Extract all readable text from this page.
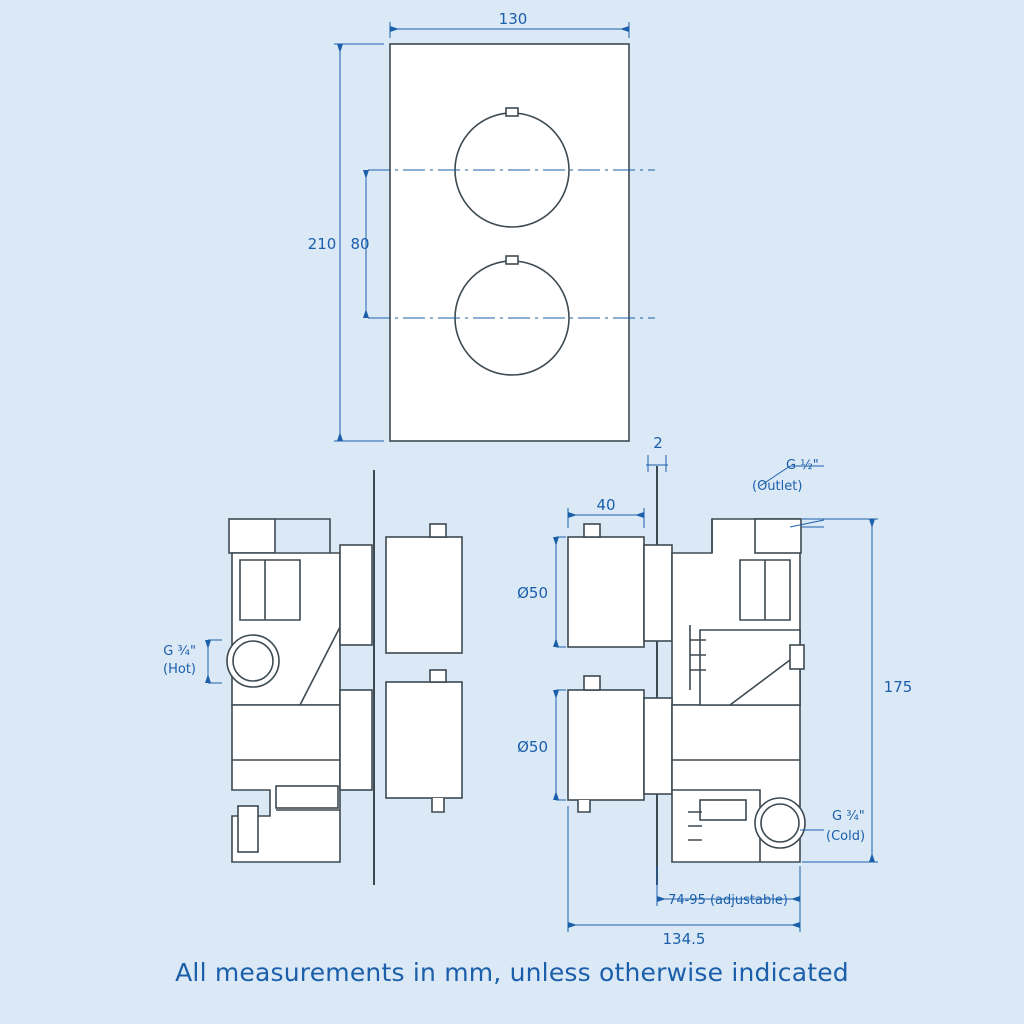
130
210 80
G ¾"
(Hot)
2
40
Ø50
Ø50
175
74-95 (adjustable)
134.5
G ½"
(Outlet)
G ¾"
(Cold)
All measurements in mm, unless otherwise indicated
